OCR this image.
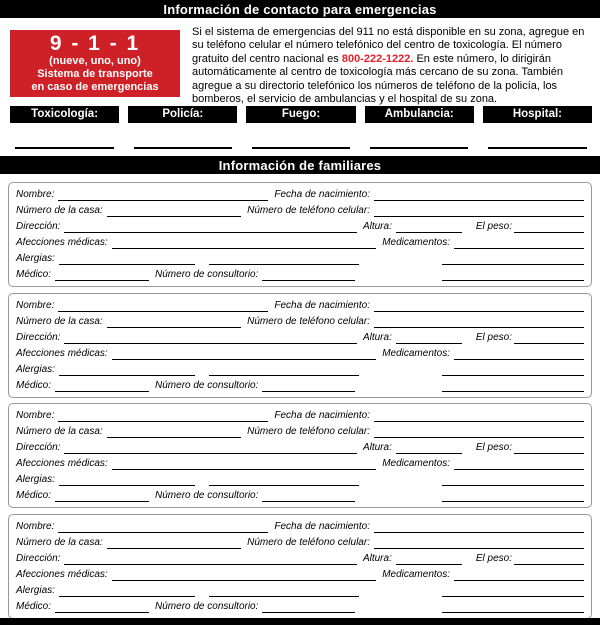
Información de contacto para emergencias
9 - 1 - 1
(nueve, uno, uno)
Sistema de transporte
en caso de emergencias
Si el sistema de emergencias del 911 no está disponible en su zona, agregue en su teléfono celular el número telefónico del centro de toxicología. El número gratuito del centro nacional es 800-222-1222. En este número, lo dirigirán automáticamente al centro de toxicología más cercano de su zona. También agregue a su directorio telefónico los números de teléfono de la policía, los bomberos, el servicio de ambulancias y el hospital de su zona.
Toxicología:	Policía:	Fuego:	Ambulancia:	Hospital:
Información de familiares
Nombre:	Fecha de nacimiento:
Número de la casa:	Número de teléfono celular:
Dirección:	Altura:	El peso:
Afecciones médicas:	Medicamentos:
Alergias:
Médico:	Número de consultorio:
Nombre:	Fecha de nacimiento:
Número de la casa:	Número de teléfono celular:
Dirección:	Altura:	El peso:
Afecciones médicas:	Medicamentos:
Alergias:
Médico:	Número de consultorio:
Nombre:	Fecha de nacimiento:
Número de la casa:	Número de teléfono celular:
Dirección:	Altura:	El peso:
Afecciones médicas:	Medicamentos:
Alergias:
Médico:	Número de consultorio:
Nombre:	Fecha de nacimiento:
Número de la casa:	Número de teléfono celular:
Dirección:	Altura:	El peso:
Afecciones médicas:	Medicamentos:
Alergias:
Médico:	Número de consultorio:
